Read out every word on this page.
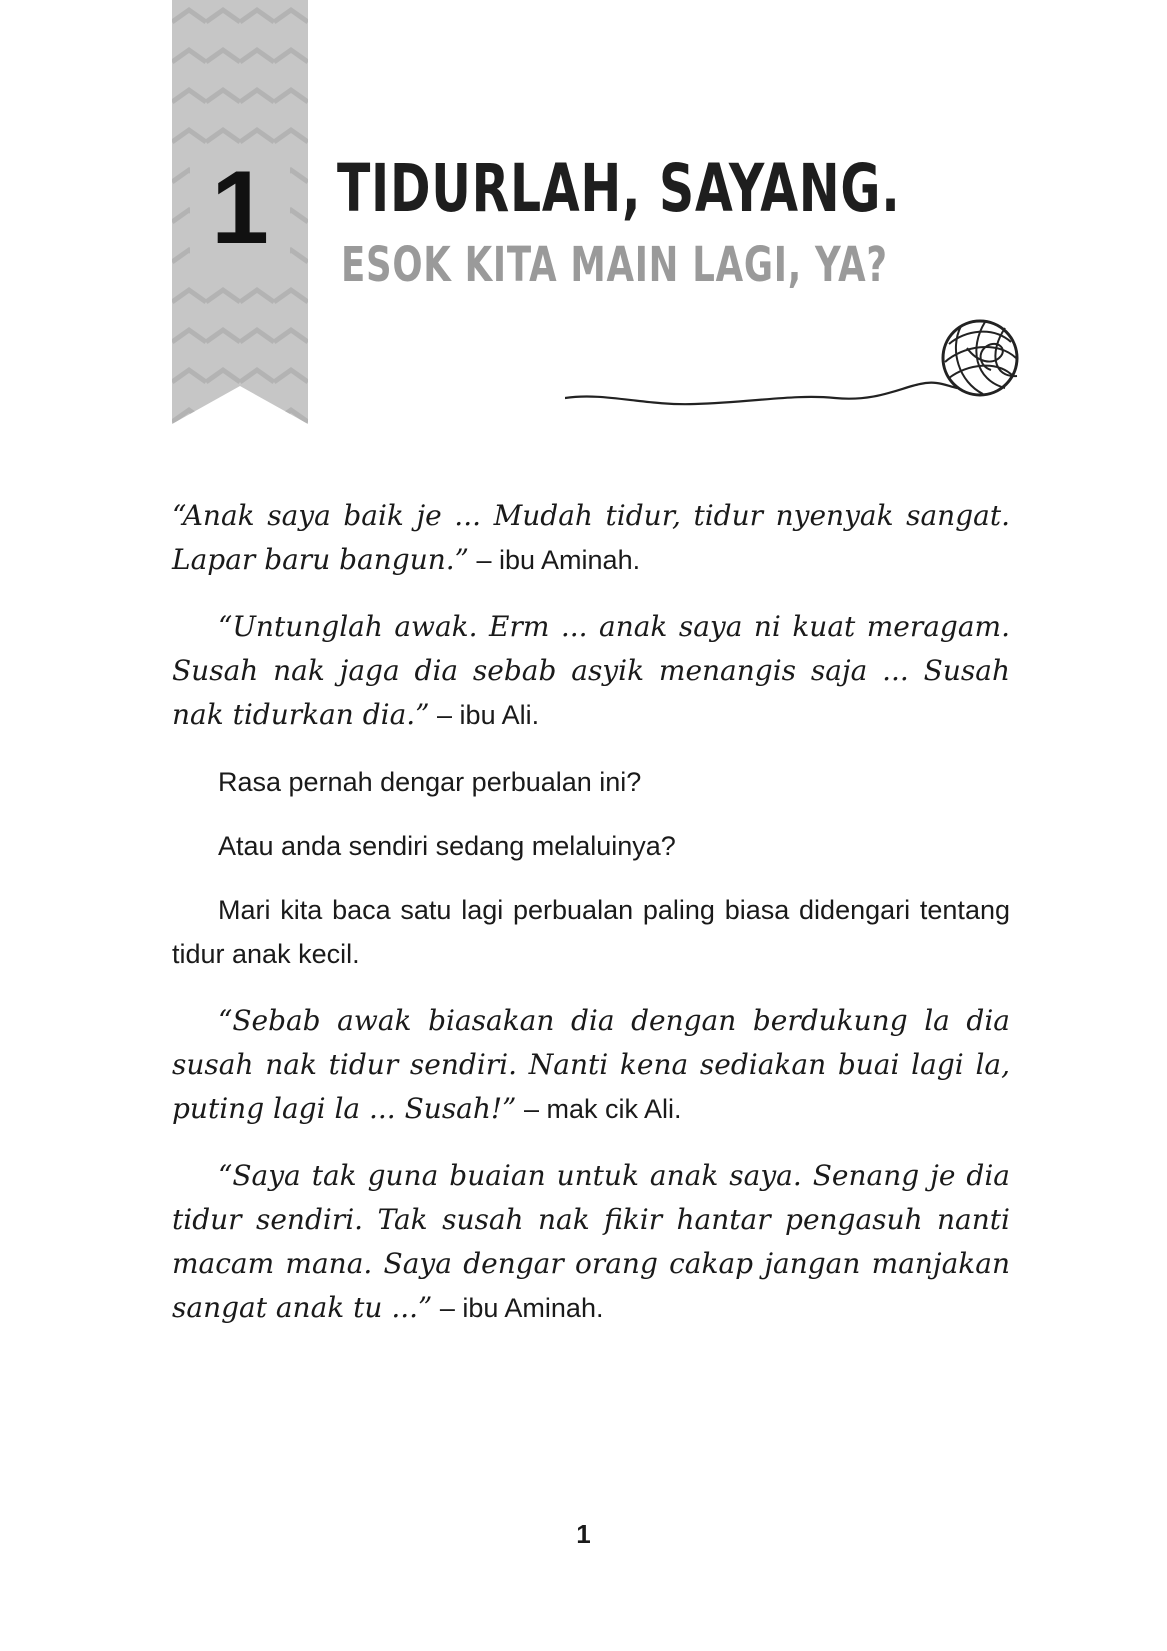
1	TIDURLAH, SAYANG.
ESOK KITA MAIN LAGI, YA?

“Anak saya baik je ... Mudah tidur, tidur nyenyak sangat. Lapar baru bangun.” – ibu Aminah.

“Untunglah awak. Erm ... anak saya ni kuat meragam. Susah nak jaga dia sebab asyik menangis saja ... Susah nak tidurkan dia.” – ibu Ali.

Rasa pernah dengar perbualan ini?

Atau anda sendiri sedang melaluinya?

Mari kita baca satu lagi perbualan paling biasa didengari tentang tidur anak kecil.

“Sebab awak biasakan dia dengan berdukung la dia susah nak tidur sendiri. Nanti kena sediakan buai lagi la, puting lagi la ... Susah!” – mak cik Ali.

“Saya tak guna buaian untuk anak saya. Senang je dia tidur sendiri. Tak susah nak fikir hantar pengasuh nanti macam mana. Saya dengar orang cakap jangan manjakan sangat anak tu ...” – ibu Aminah.

1
